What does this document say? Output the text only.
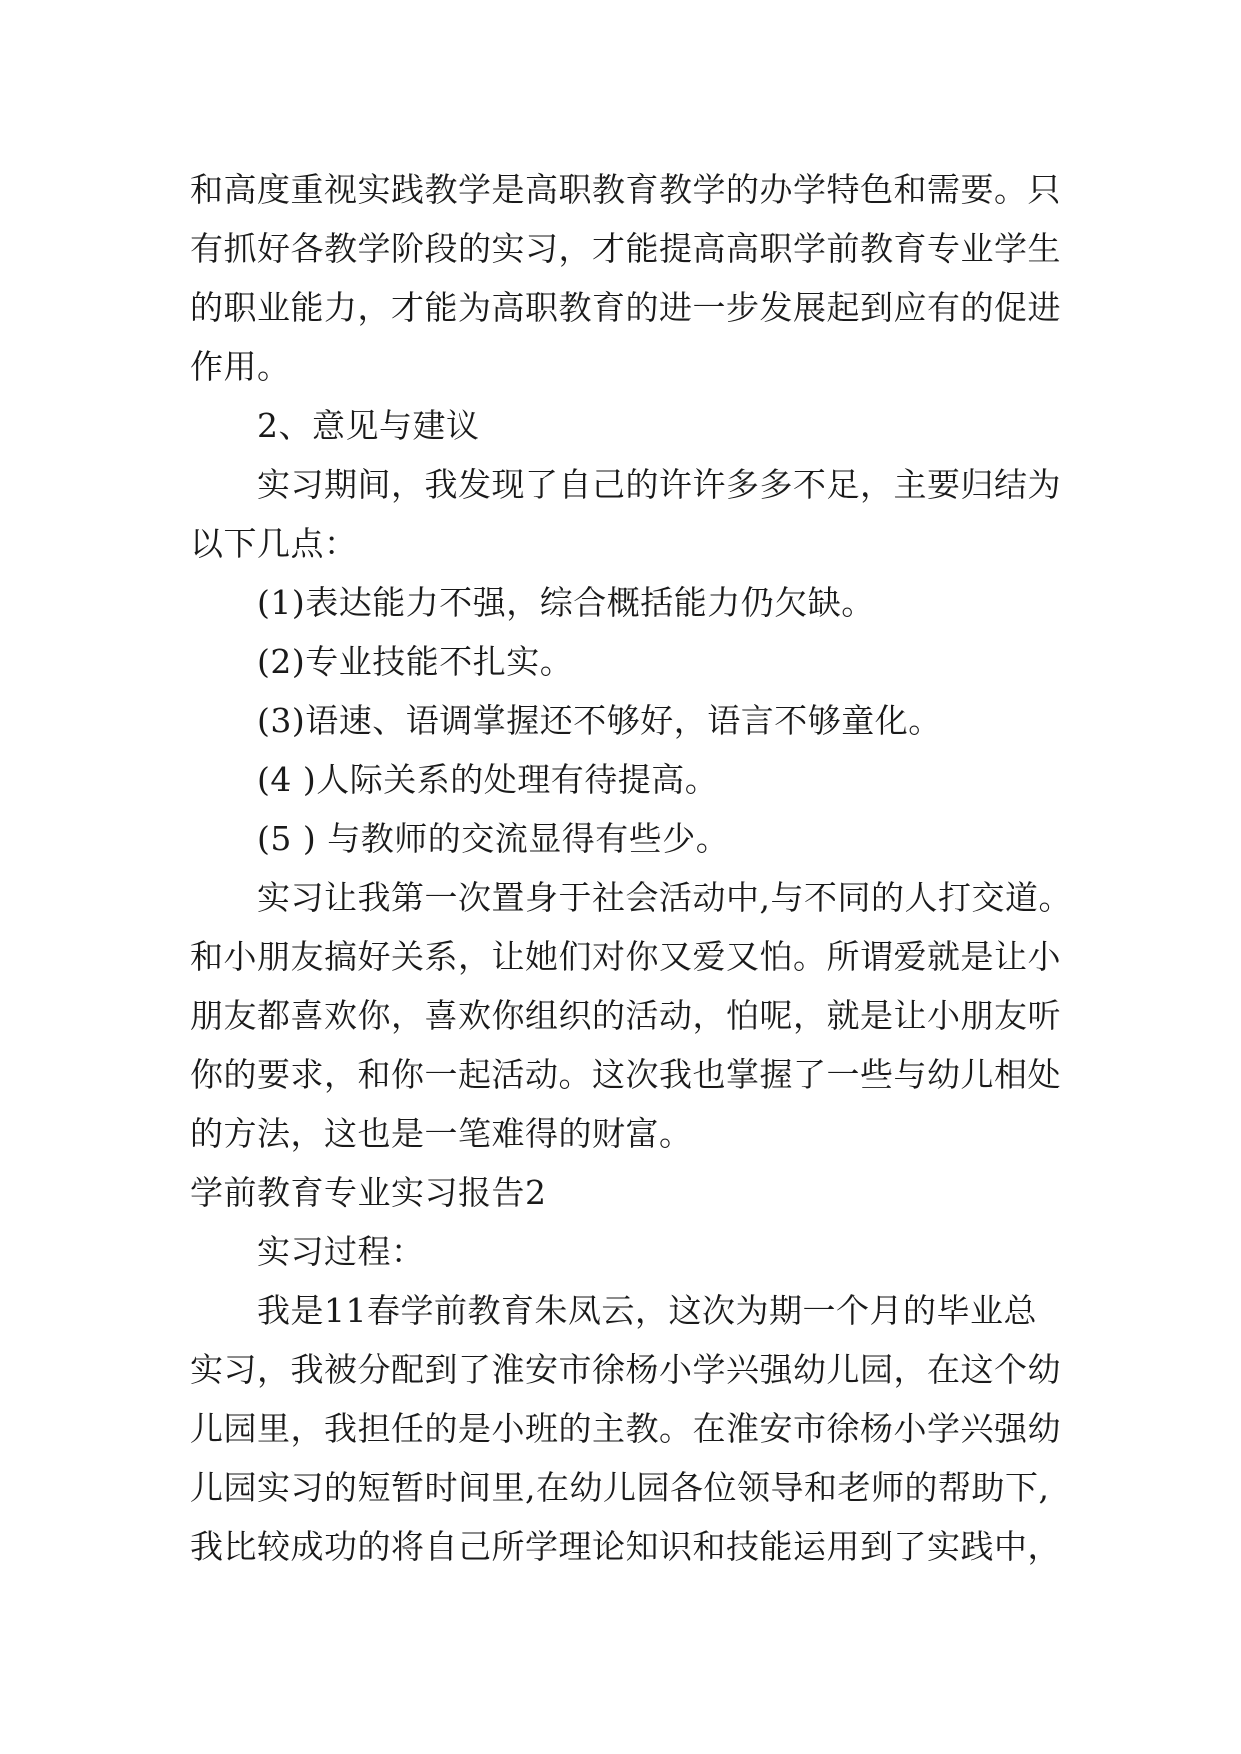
和高度重视实践教学是高职教育教学的办学特色和需要。只
有抓好各教学阶段的实习，才能提高高职学前教育专业学生
的职业能力，才能为高职教育的进一步发展起到应有的促进
作用。
2、意见与建议
实习期间，我发现了自己的许许多多不足，主要归结为
以下几点：
(1)表达能力不强，综合概括能力仍欠缺。
(2)专业技能不扎实。
(3)语速、语调掌握还不够好，语言不够童化。
(4 )人际关系的处理有待提高。
(5 ) 与教师的交流显得有些少。
实习让我第一次置身于社会活动中,与不同的人打交道。
和小朋友搞好关系，让她们对你又爱又怕。所谓爱就是让小
朋友都喜欢你，喜欢你组织的活动，怕呢，就是让小朋友听
你的要求，和你一起活动。这次我也掌握了一些与幼儿相处
的方法，这也是一笔难得的财富。
学前教育专业实习报告2
实习过程：
我是11春学前教育朱凤云，这次为期一个月的毕业总
实习，我被分配到了淮安市徐杨小学兴强幼儿园，在这个幼
儿园里，我担任的是小班的主教。在淮安市徐杨小学兴强幼
儿园实习的短暂时间里,在幼儿园各位领导和老师的帮助下,
我比较成功的将自己所学理论知识和技能运用到了实践中，
